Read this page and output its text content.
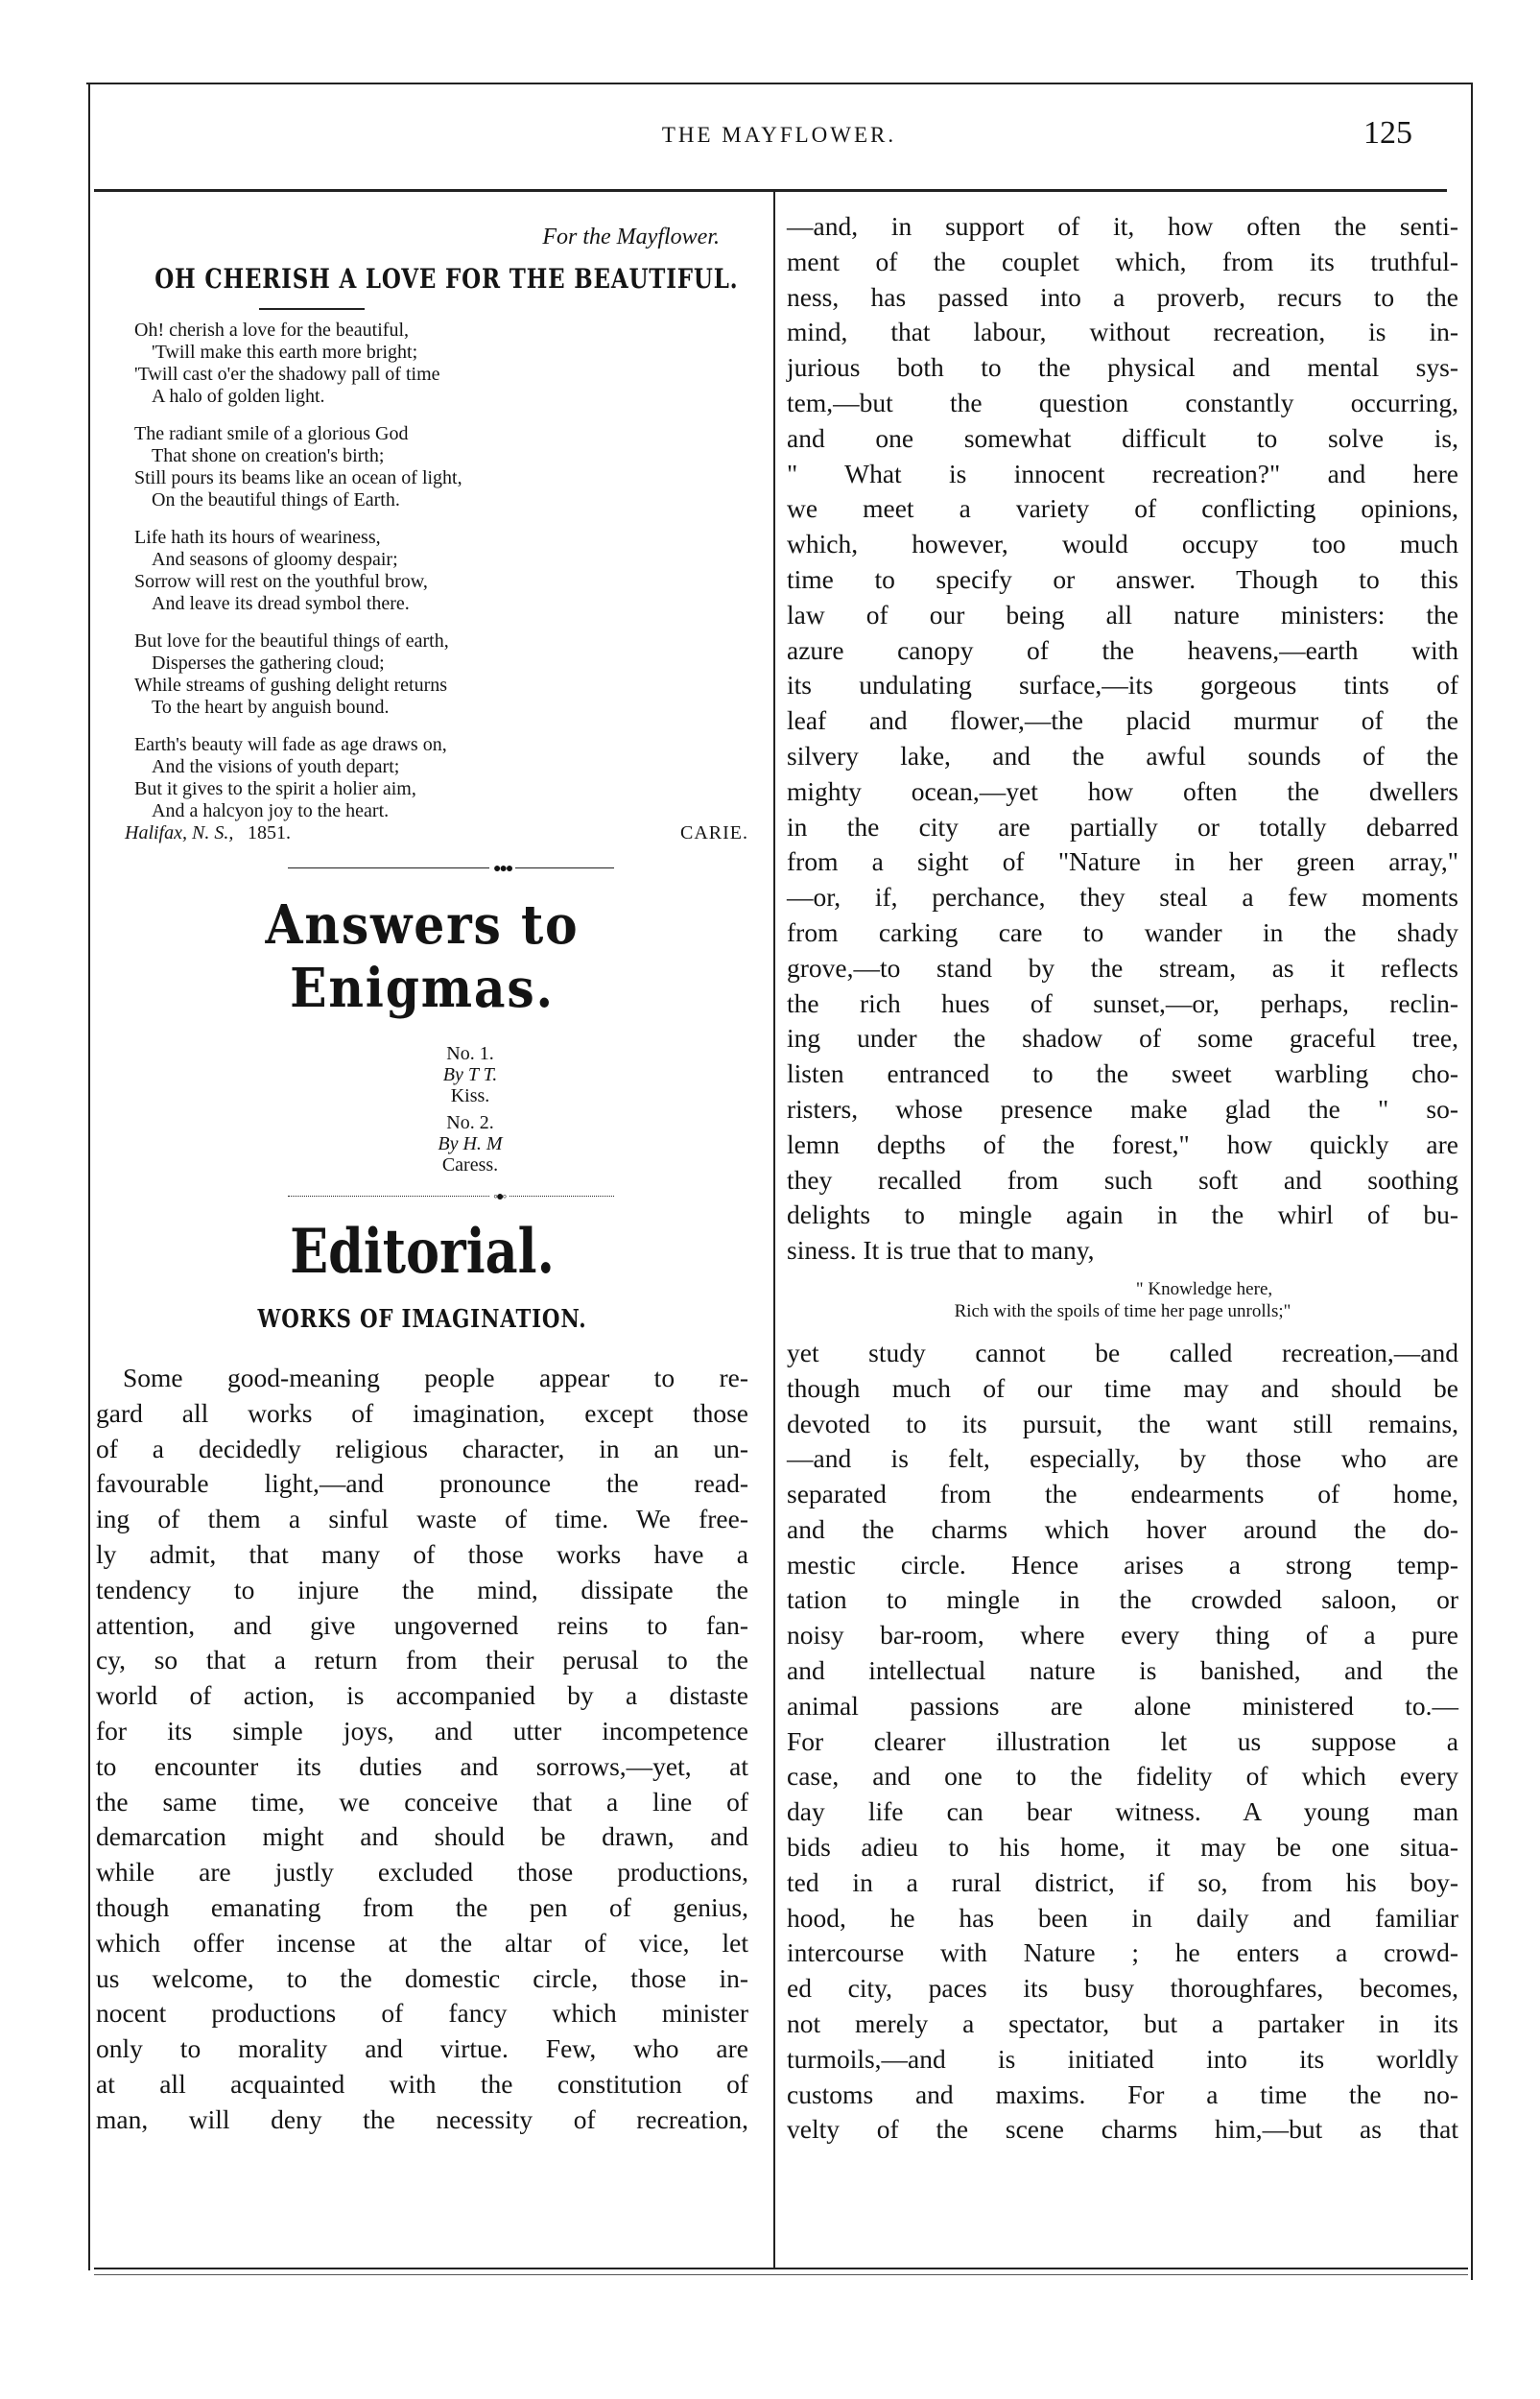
THE MAYFLOWER.	125
For the Mayflower.
OH CHERISH A LOVE FOR THE BEAUTIFUL.
Oh! cherish a love for the beautiful,
'Twill make this earth more bright;
'Twill cast o'er the shadowy pall of time
A halo of golden light.
The radiant smile of a glorious God
That shone on creation's birth;
Still pours its beams like an ocean of light,
On the beautiful things of Earth.
Life hath its hours of weariness,
And seasons of gloomy despair;
Sorrow will rest on the youthful brow,
And leave its dread symbol there.
But love for the beautiful things of earth,
Disperses the gathering cloud;
While streams of gushing delight returns
To the heart by anguish bound.
Earth's beauty will fade as age draws on,
And the visions of youth depart;
But it gives to the spirit a holier aim,
And a halcyon joy to the heart.
Halifax, N. S., 1851.	CARIE.
●●●
Answers to Enigmas.
No. 1.
By T T.
Kiss.
No. 2.
By H. M
Caress.
◦●◦
Editorial.
WORKS OF IMAGINATION.
Some good-meaning people appear to re-
gard all works of imagination, except those
of a decidedly religious character, in an un-
favourable light,—and pronounce the read-
ing of them a sinful waste of time. We free-
ly admit, that many of those works have a
tendency to injure the mind, dissipate the
attention, and give ungoverned reins to fan-
cy, so that a return from their perusal to the
world of action, is accompanied by a distaste
for its simple joys, and utter incompetence
to encounter its duties and sorrows,—yet, at
the same time, we conceive that a line of
demarcation might and should be drawn, and
while are justly excluded those productions,
though emanating from the pen of genius,
which offer incense at the altar of vice, let
us welcome, to the domestic circle, those in-
nocent productions of fancy which minister
only to morality and virtue. Few, who are
at all acquainted with the constitution of
man, will deny the necessity of recreation,
—and, in support of it, how often the senti-
ment of the couplet which, from its truthful-
ness, has passed into a proverb, recurs to the
mind, that labour, without recreation, is in-
jurious both to the physical and mental sys-
tem,—but the question constantly occurring,
and one somewhat difficult to solve is,
" What is innocent recreation?" and here
we meet a variety of conflicting opinions,
which, however, would occupy too much
time to specify or answer. Though to this
law of our being all nature ministers: the
azure canopy of the heavens,—earth with
its undulating surface,—its gorgeous tints of
leaf and flower,—the placid murmur of the
silvery lake, and the awful sounds of the
mighty ocean,—yet how often the dwellers
in the city are partially or totally debarred
from a sight of "Nature in her green array,"
—or, if, perchance, they steal a few moments
from carking care to wander in the shady
grove,—to stand by the stream, as it reflects
the rich hues of sunset,—or, perhaps, reclin-
ing under the shadow of some graceful tree,
listen entranced to the sweet warbling cho-
risters, whose presence make glad the " so-
lemn depths of the forest," how quickly are
they recalled from such soft and soothing
delights to mingle again in the whirl of bu-
siness. It is true that to many,
" Knowledge here,
Rich with the spoils of time her page unrolls;"
yet study cannot be called recreation,—and
though much of our time may and should be
devoted to its pursuit, the want still remains,
—and is felt, especially, by those who are
separated from the endearments of home,
and the charms which hover around the do-
mestic circle. Hence arises a strong temp-
tation to mingle in the crowded saloon, or
noisy bar-room, where every thing of a pure
and intellectual nature is banished, and the
animal passions are alone ministered to.—
For clearer illustration let us suppose a
case, and one to the fidelity of which every
day life can bear witness. A young man
bids adieu to his home, it may be one situa-
ted in a rural district, if so, from his boy-
hood, he has been in daily and familiar
intercourse with Nature ; he enters a crowd-
ed city, paces its busy thoroughfares, becomes,
not merely a spectator, but a partaker in its
turmoils,—and is initiated into its worldly
customs and maxims. For a time the no-
velty of the scene charms him,—but as that
